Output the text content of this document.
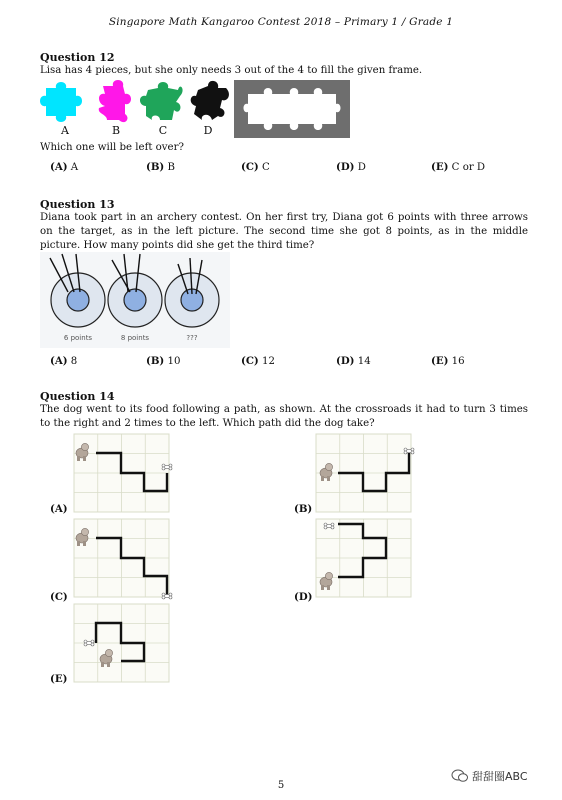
Singapore Math Kangaroo Contest 2018 – Primary 1 / Grade 1
Question 12
Lisa has 4 pieces, but she only needs 3 out of the 4 to fill the given frame.
A	B	C	D
Which one will be left over?
(A) A	(B) B	(C) C	(D) D	(E) C or D
Question 13
Diana took part in an archery contest. On her first try, Diana got 6 points with three arrows on the target, as in the left picture. The second time she got 8 points, as in the middle picture. How many points did she get the third time?
6 points	8 points	???
(A) 8	(B) 10	(C) 12	(D) 14	(E) 16
Question 14
The dog went to its food following a path, as shown. At the crossroads it had to turn 3 times to the right and 2 times to the left. Which path did the dog take?
(A)	(B)
(C)	(D)
(E)
5
甜甜圈ABC
